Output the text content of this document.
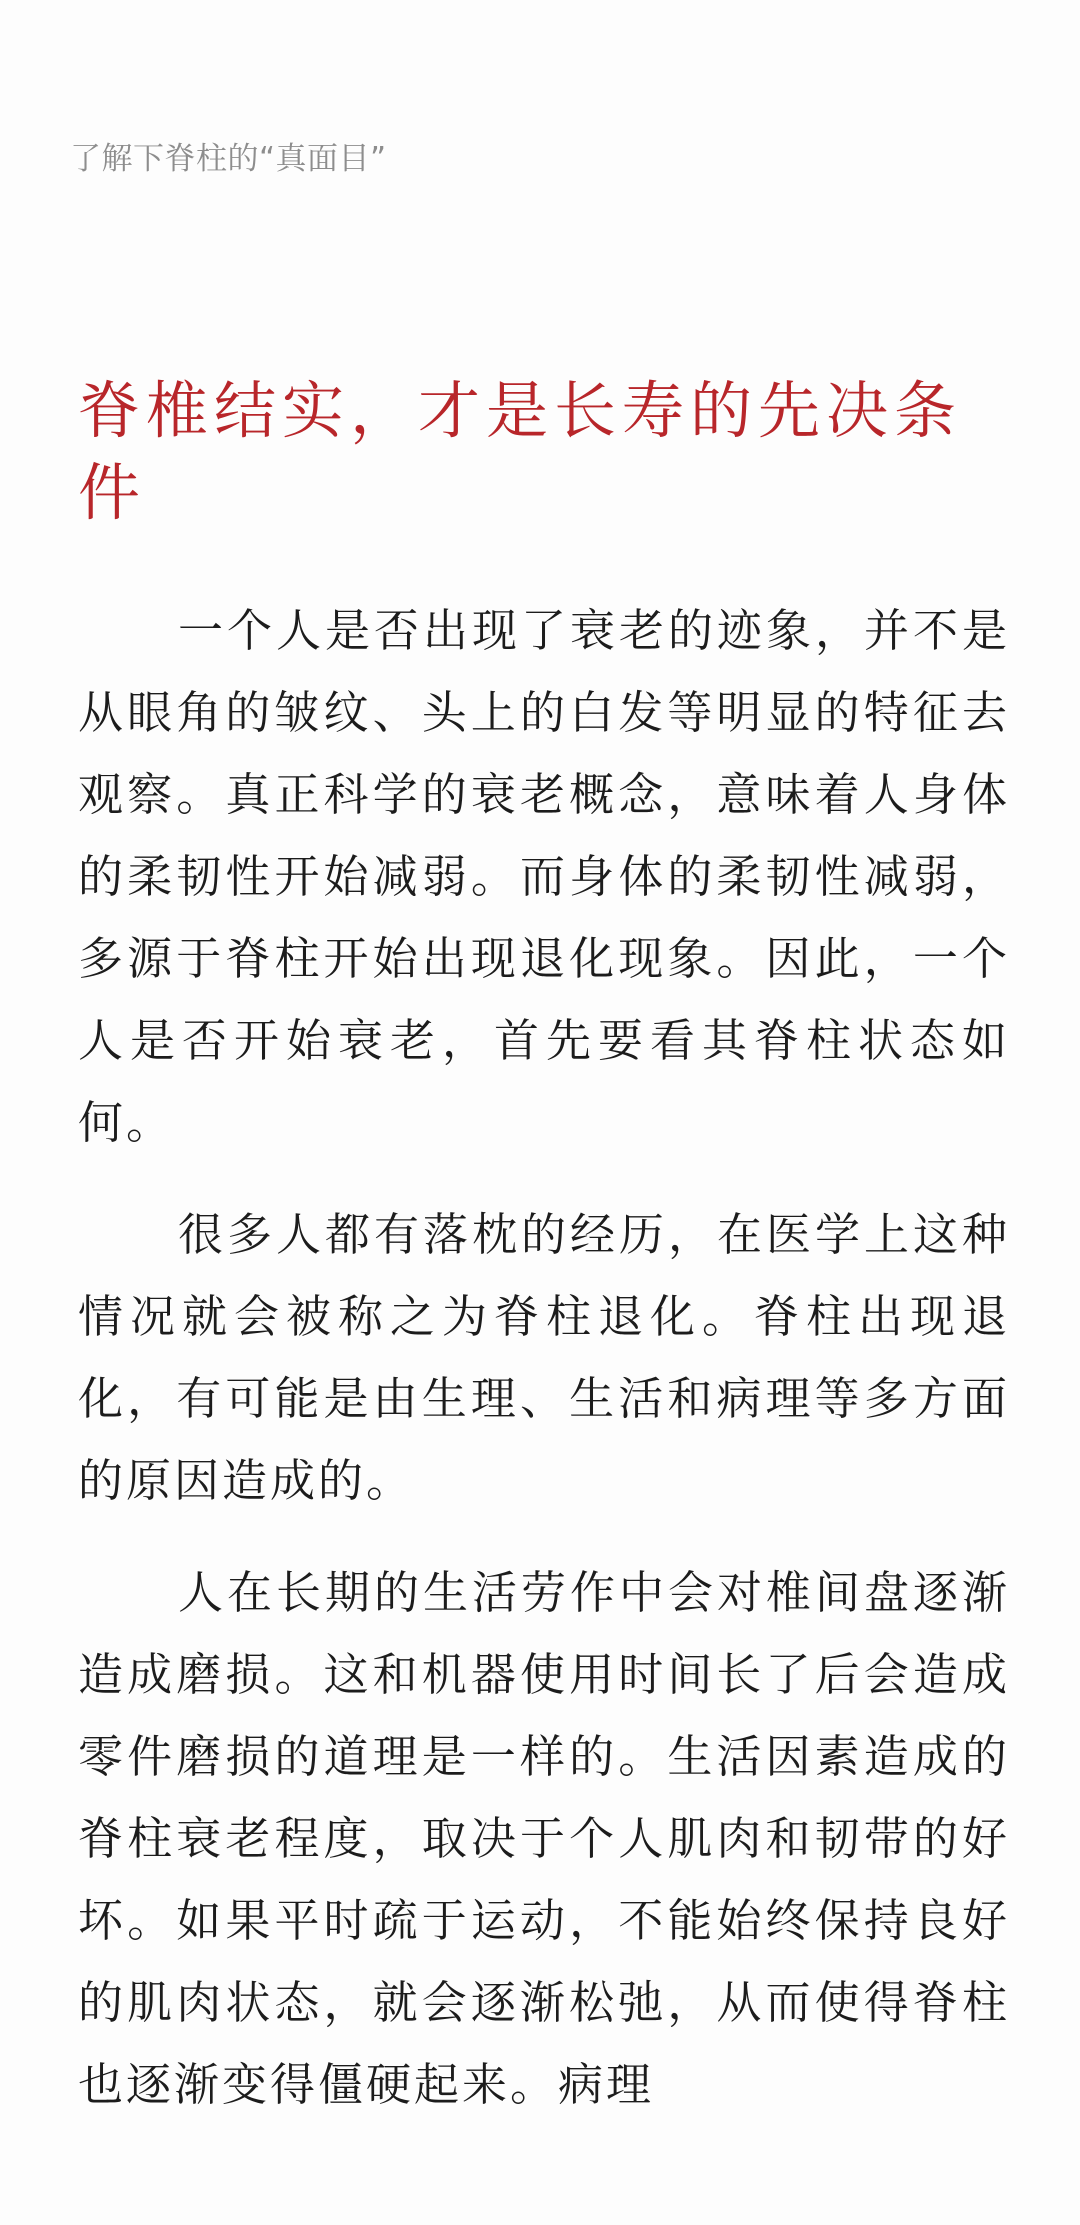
了解下脊柱的“真面目”
脊椎结实，才是长寿的先决条件

一个人是否出现了衰老的迹象，并不是从眼角的皱纹、头上的白发等明显的特征去观察。真正科学的衰老概念，意味着人身体的柔韧性开始减弱。而身体的柔韧性减弱，多源于脊柱开始出现退化现象。因此，一个人是否开始衰老，首先要看其脊柱状态如何。

很多人都有落枕的经历，在医学上这种情况就会被称之为脊柱退化。脊柱出现退化，有可能是由生理、生活和病理等多方面的原因造成的。

人在长期的生活劳作中会对椎间盘逐渐造成磨损。这和机器使用时间长了后会造成零件磨损的道理是一样的。生活因素造成的脊柱衰老程度，取决于个人肌肉和韧带的好坏。如果平时疏于运动，不能始终保持良好的肌肉状态，就会逐渐松弛，从而使得脊柱也逐渐变得僵硬起来。病理
